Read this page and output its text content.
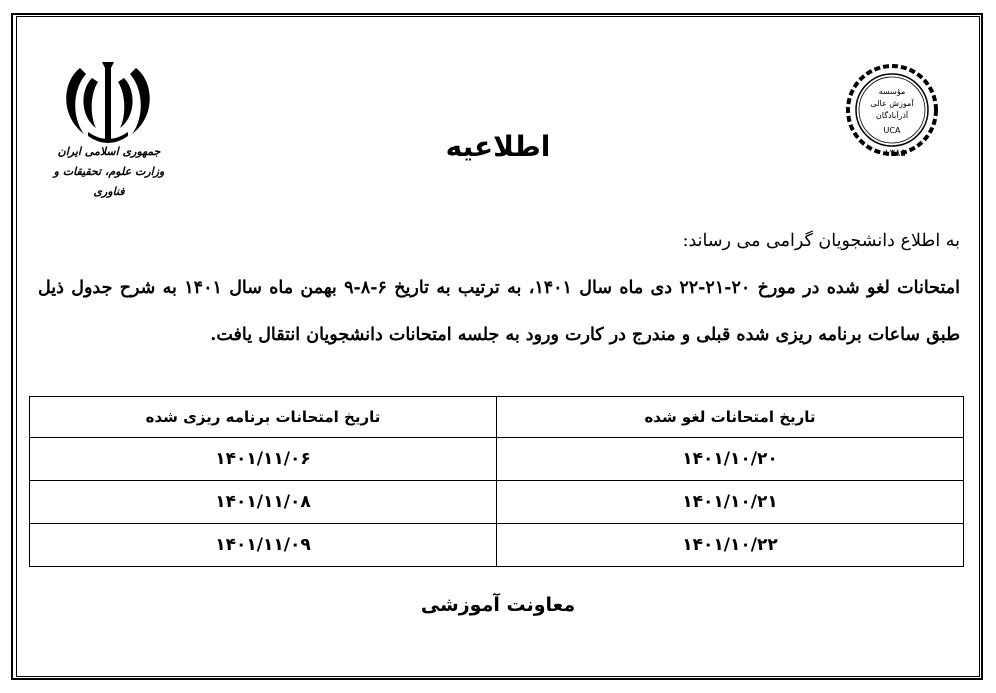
جمهوری اسلامی ایران
وزارت علوم، تحقیقات و فناوری
مؤسسه
آموزش عالی
آذرآبادگان
UCA
۱۳۸۵
اطلاعیه

به اطلاع دانشجویان گرامی می رساند:

امتحانات لغو شده در مورخ ۲۰-۲۱-۲۲ دی ماه سال ۱۴۰۱، به ترتیب به تاریخ ۶-۸-۹ بهمن ماه سال ۱۴۰۱ به شرح جدول ذیل طبق ساعات برنامه ریزی شده قبلی و مندرج در کارت ورود به جلسه امتحانات دانشجویان انتقال یافت.

تاریخ امتحانات لغو شده	تاریخ امتحانات برنامه ریزی شده
۱۴۰۱/۱۰/۲۰	۱۴۰۱/۱۱/۰۶
۱۴۰۱/۱۰/۲۱	۱۴۰۱/۱۱/۰۸
۱۴۰۱/۱۰/۲۲	۱۴۰۱/۱۱/۰۹
معاونت آموزشی
